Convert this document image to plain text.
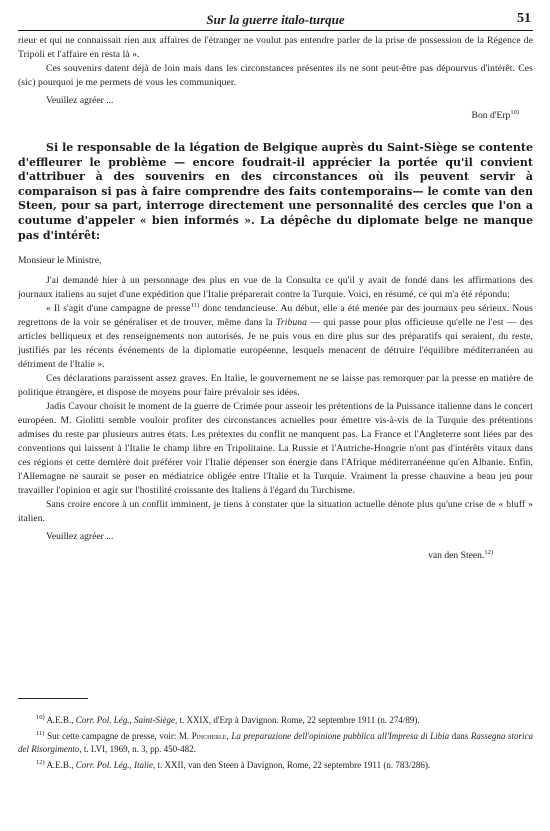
Sur la guerre italo-turque	51

rieur et qui ne connaissait rien aux affaires de l'étranger ne voulut pas entendre parler de la prise de possession de la Régence de Tripoli et l'affaire en resta là ».

Ces souvenirs datent déjà de loin mais dans les circonstances présentes ils ne sont peut-être pas dépourvus d'intérêt. Ces (sic) pourquoi je me permets de vous les communiquer.

Veuillez agréer ...
Bon d'Erp$^{10)}$
Si le responsable de la légation de Belgique auprès du Saint-Siège se contente d'effleurer le problème — encore foudrait-il apprécier la portée qu'il convient d'attribuer à des souvenirs en des circonstances où ils peuvent servir à comparaison si pas à faire comprendre des faits contemporains— le comte van den Steen, pour sa part, interroge directement une personnalité des cercles que l'on a coutume d'appeler « bien informés ». La dépêche du diplomate belge ne manque pas d'intérêt:
Monsieur le Ministre,

J'ai demandé hier à un personnage des plus en vue de la Consulta ce qu'il y avait de fondé dans les affirmations des journaux italiens au sujet d'une expédition que l'Italie préparerait contre la Turquie. Voici, en résumé, ce qui m'a été répondu:

« Il s'agit d'une campagne de presse$^{11)}$ donc tendancieuse. Au début, elle a été menée par des journaux peu sérieux. Nous regrettons de la voir se généraliser et de trouver, même dans la Tribuna — qui passe pour plus officieuse qu'elle ne l'est — des articles belliqueux et des renseignements non autorisés. Je ne puis vous en dire plus sur des préparatifs qui seraient, du reste, justifiés par les récents événements de la diplomatie européenne, lesquels menacent de détruire l'équilibre méditerranéen au détriment de l'Italie ».

Ces déclarations paraissent assez graves. En Italie, le gouvernement ne se laisse pas remorquer par la presse en matière de politique étrangère, et dispose de moyens pour faire prévaloir ses idées.

Jadis Cavour choisit le moment de la guerre de Crimée pour asseoir les prétentions de la Puissance italienne dans le concert européen. M. Giolitti semble vouloir profiter des circonstances actuelles pour émettre vis-à-vis de la Turquie des prétentions admises du reste par plusieurs autres états. Les prétextes du conflit ne manquent pas. La France et l'Angleterre sont liées par des conventions qui laissent à l'Italie le champ libre en Tripolitaine. La Russie et l'Autriche-Hongrie n'ont pas d'intérêts vitaux dans ces régions et cette dernière doit préférer voir l'Italie dépenser son énergie dans l'Afrique méditerranéenne qu'en Albanie. Enfin, l'Allemagne ne saurait se poser en médiatrice obligée entre l'Italie et la Turquie. Vraiment la presse chauvine a beau jeu pour travailler l'opinion et agir sur l'hostilité croissante des Italiens à l'égard du Turchisme.

Sans croire encore à un conflit imminent, je tiens à constater que la situation actuelle dénote plus qu'une crise de « bluff » italien.

Veuillez agréer ...
van den Steen.$^{12)}$

$^{10)}$ A.E.B., Corr. Pol. Lég., Saint-Siège, t. XXIX, d'Erp à Davignon. Rome, 22 septembre 1911 (n. 274/89).

$^{11)}$ Sur cette campagne de presse, voir: M. Pincherle, La preparazione dell'opinione pubblica all'Impresa di Libia dans Rassegna storica del Risorgimento, t. LVI, 1969, n. 3, pp. 450-482.

$^{12)}$ A.E.B., Corr. Pol. Lég., Italie, t. XXII, van den Steen à Davignon, Rome, 22 septembre 1911 (n. 783/286).
